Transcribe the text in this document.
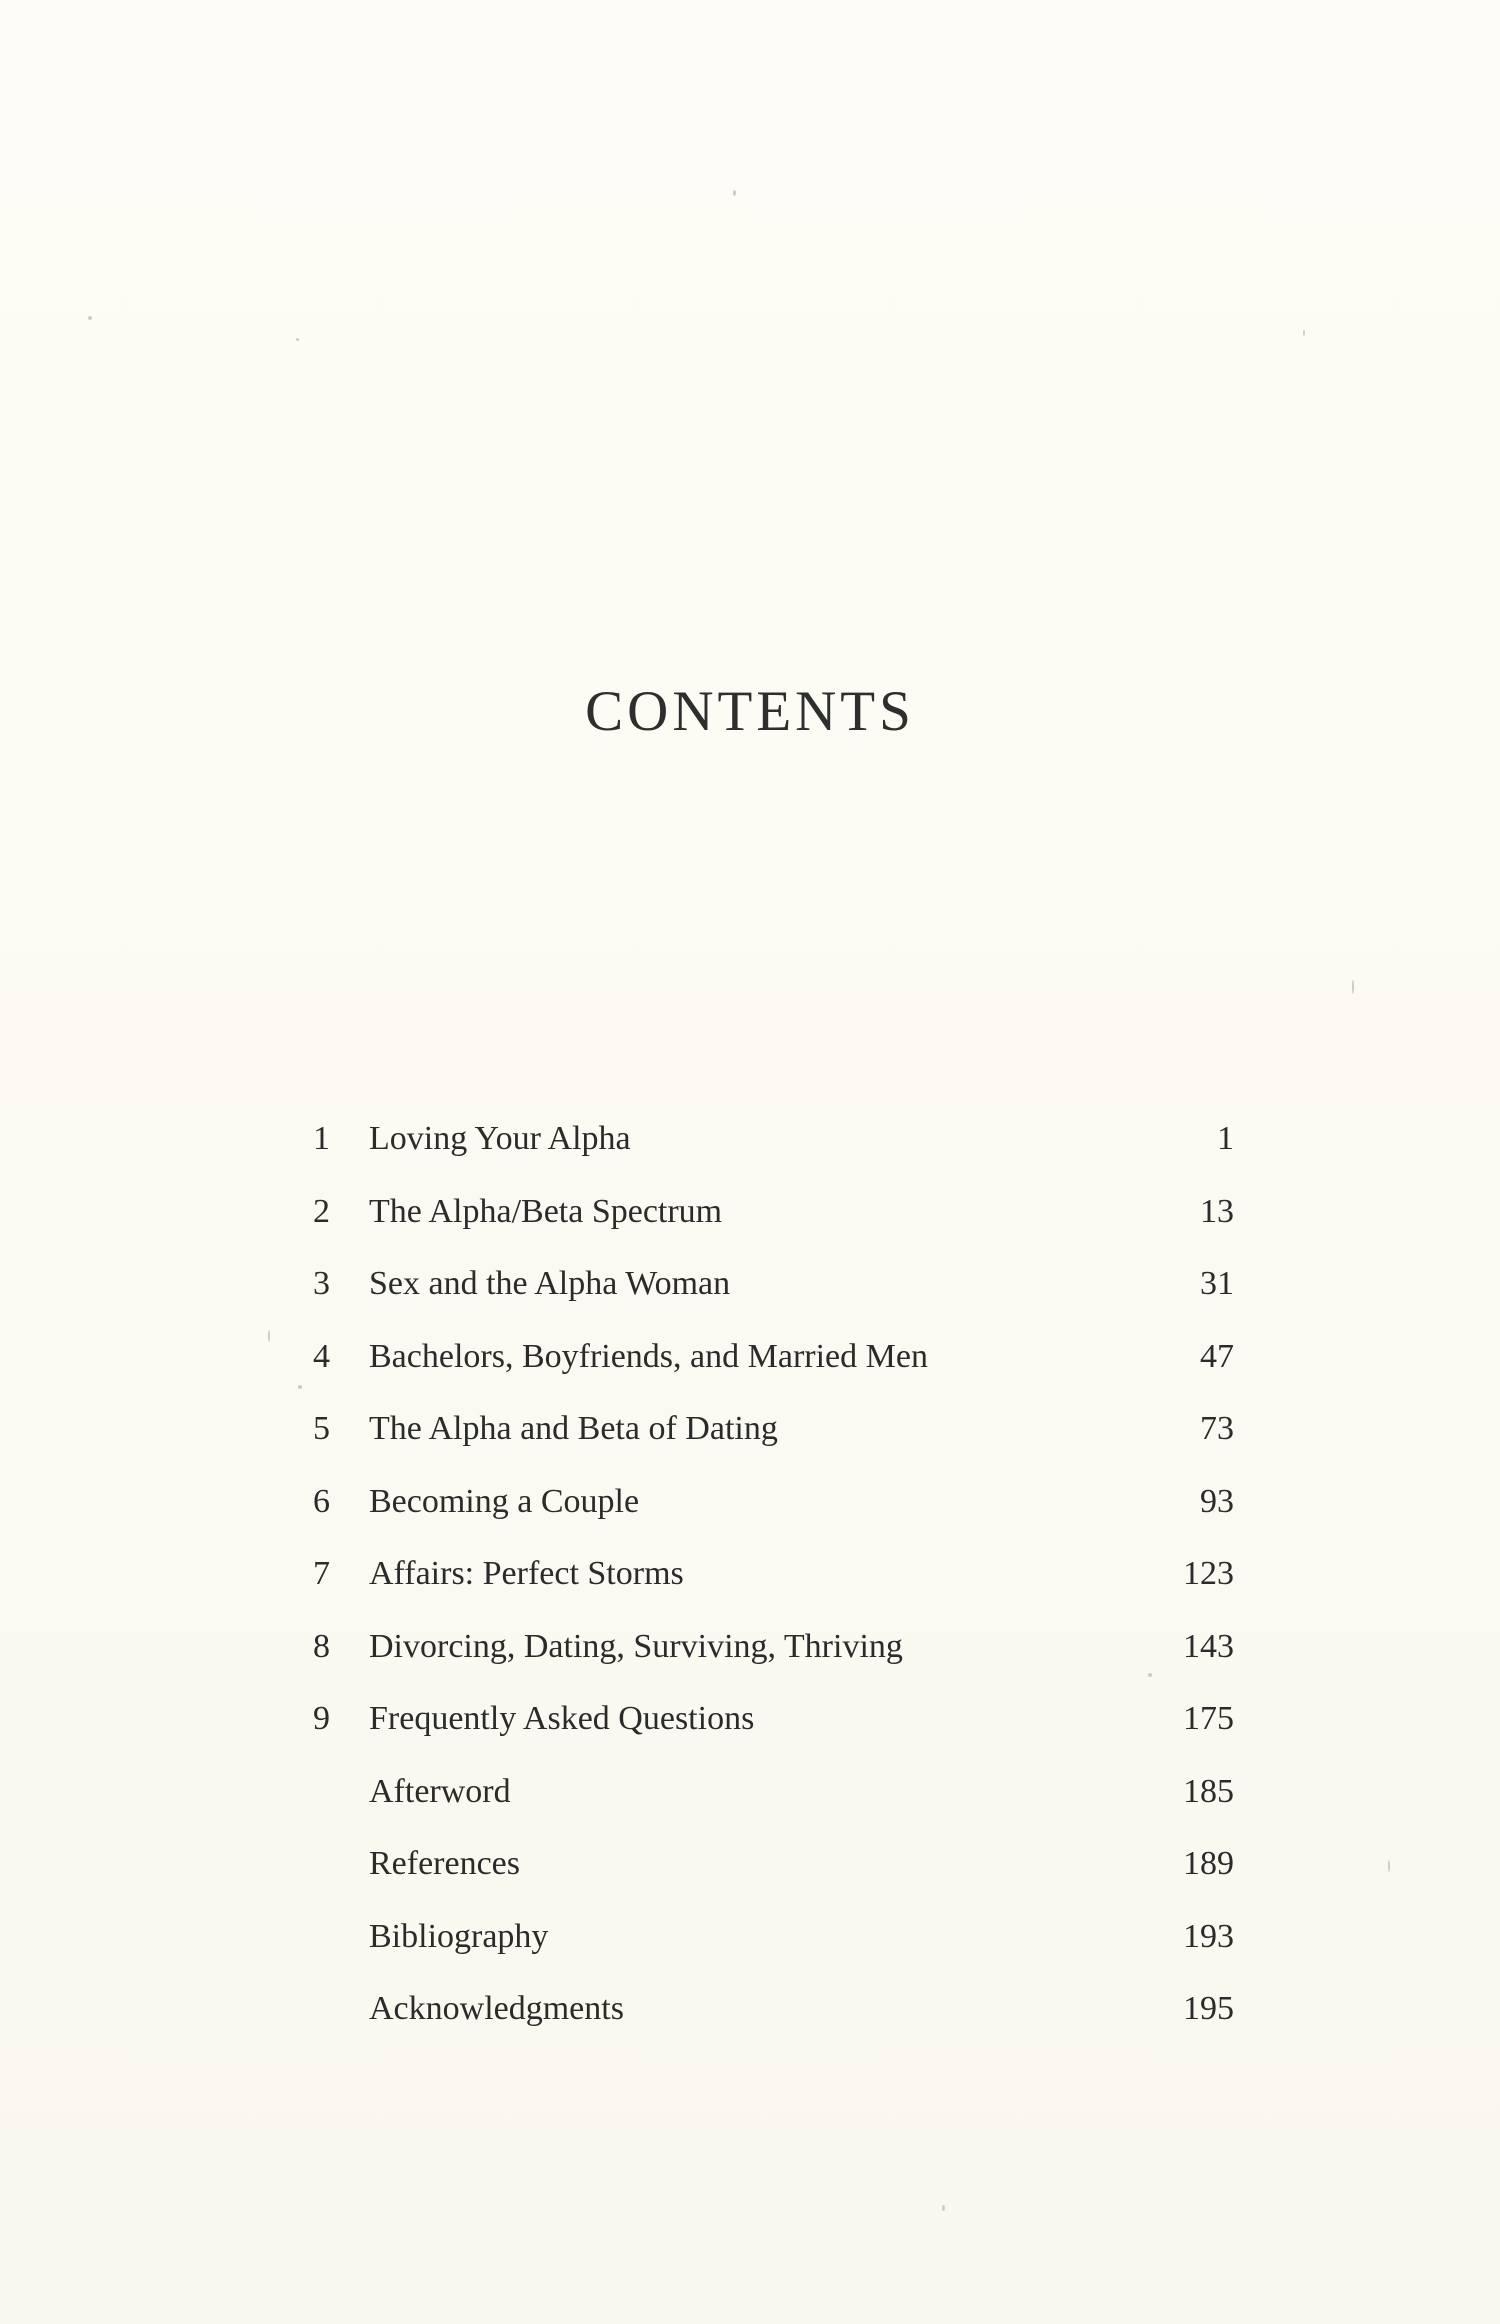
CONTENTS
1 Loving Your Alpha	1
2 The Alpha/Beta Spectrum	13
3 Sex and the Alpha Woman	31
4 Bachelors, Boyfriends, and Married Men	47
5 The Alpha and Beta of Dating	73
6 Becoming a Couple	93
7 Affairs: Perfect Storms	123
8 Divorcing, Dating, Surviving, Thriving	143
9 Frequently Asked Questions	175
Afterword	185
References	189
Bibliography	193
Acknowledgments	195
